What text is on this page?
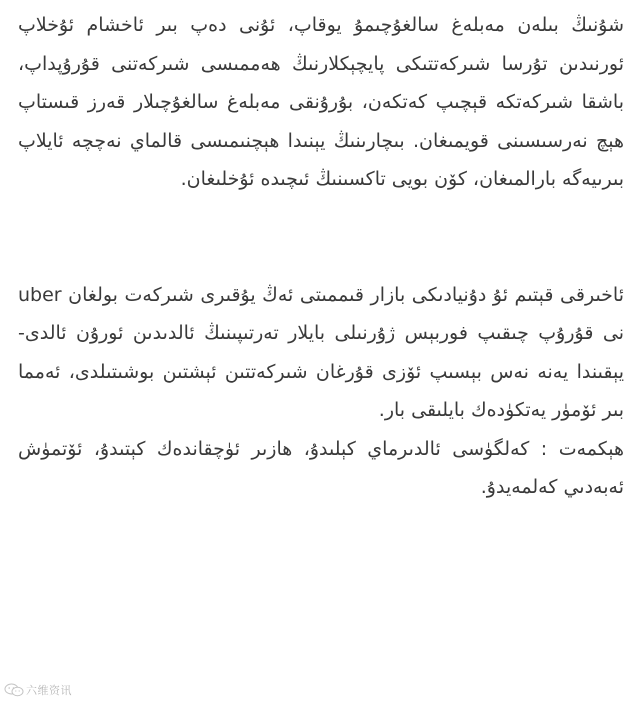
شۇنىڭ بىلەن مەبلەغ سالغۇچىمۇ يوقاپ، ئۇنى دەپ بىر ئاخشام ئۇخلاپ ئورنىدىن تۇرسا شىركەتتىكى پايچېكلارنىڭ ھەممىسى شىركەتنى قۇرۇپداپ، باشقا شىركەتكە قېچىپ كەتكەن، بۇرۇنقى مەبلەغ سالغۇچىلار قەرز قىستاپ ھېچ نەرسىسىنى قويمىغان. بىچارىنىڭ يېنىدا ھېچنىمىسى قالماي نەچچە ئايلاپ بىرىيەگە بارالمىغان، كۆن بويى تاكسىنىڭ ئىچىدە ئۇخلىغان.

ئاخىرقى قېتىم ئۇ دۇنيادىكى بازار قىممىتى ئەڭ يۇقىرى شىركەت بولغان uber نى قۇرۇپ چىقىپ فوربېس ژۇرنىلى بايلار تەرتىپىنىڭ ئالدىدىن ئورۇن ئالدى- يېقىندا يەنە نەس بېسىپ ئۆزى قۇرغان شىركەتتىن ئېشتىن بوشىتىلدى، ئەمما بىر ئۆمۈر يەتكۈدەك بايلىقى بار.

ھېكمەت : كەلگۈسى ئالدىرماي كېلىدۇ، ھازىر ئۈچقاندەك كېتىدۇ، ئۆتمۈش ئەبەدىي كەلمەيدۇ.

六维资讯
